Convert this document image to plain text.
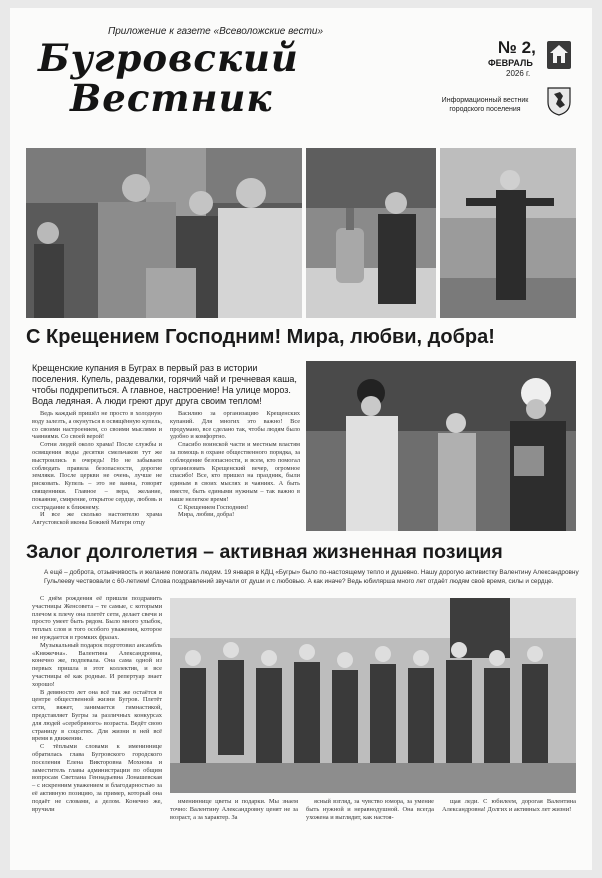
Приложение к газете «Всеволожские вести»
Бугровский
Вестник
№ 2,
ФЕВРАЛЬ
2026 г.
Информационный вестник городского поселения
С Крещением Господним! Мира, любви, добра!
Крещенские купания в Буграх в первый раз в истории поселения. Купель, раздевалки, горячий чай и гречневая каша, чтобы подкрепиться. А главное, настроение! На улице мороз. Вода ледяная. А люди греют друг друга своим теплом!

Ведь каждый пришёл не просто в холодную воду залезть, а окунуться в освящённую купель, со своими настроением, со своими мыслями и чаяниями. Со своей верой!

Сотни людей около храма! После службы и освящения воды десятки смельчаков тут же выстроились в очередь! Но не забываем соблюдать правила безопасности, дорогие земляки. После церкви не очень, лучше не рисковать. Купель – это не ванна, говорят священники. Главное – вера, желание, покаяние, смирение, открытое сердце, любовь и сострадание к ближнему.

И все же сколько настоятелю храма Августовской иконы Божией Матери отцу

Василию за организацию Крещенских купаний. Для многих это важно! Все продумано, все сделано так, чтобы людям было удобно и комфортно.

Спасибо воинской части и местным властям за помощь в охране общественного порядка, за соблюдение безопасности, и всем, кто помогал организовать Крещенский вечер, огромное спасибо! Все, кто пришел на праздник, были единым в своих мыслях и чаяниях. А быть вместе, быть едиными нужным – так важно в наше нелегкое время!

С Крещением Господним!

Мира, любви, добра!

Залог долголетия – активная жизненная позиция
А ещё – доброта, отзывчивость и желание помогать людям. 19 января в КДЦ «Бугры» было по-настоящему тепло и душевно. Нашу дорогую активистку Валентину Александровну Гульлееву чествовали с 60-летием! Слова поздравлений звучали от души и с любовью. А как иначе? Ведь юбилярша много лет отдаёт людям своё время, силы и сердце.

С днём рождения её пришли поздравить участницы Женсовета – те самые, с которыми плечом к плечу она плетёт сети, делает свечи и просто умеет быть рядом. Было много улыбок, теплых слов и того особого уважения, которое не нуждается в громких фразах.

Музыкальный подарок подготовил ансамбль «Княжечна». Валентина Александровна, конечно же, подпевала. Она сама одной из первых пришла в этот коллектив, и все участницы её как родные. И репертуар знает хорошо!

В девяносто лет она всё так же остаётся в центре общественной жизни Бугров. Плетёт сети, вяжет, занимается гимнастикой, представляет Бугры за различных конкурсах для людей «серебряного» возраста. Ведёт свою страницу в соцсетях. Для жизни в ней всё время в движении.

С тёплыми словами к имениннице обратилась глава Бугровского городского поселения Елена Викторовна Мохнова и заместитель главы администрации по общим вопросам Светлана Геннадьевна Лонашевская – с искренним уважением и благодарностью за её активную позицию, за пример, который она подаёт не словами, а делом. Конечно же, вручили

имениннице цветы и подарки. Мы знаем точно: Валентину Александровну ценят не за возраст, а за характер. За

ясный взгляд, за чувство юмора, за умение быть нужной и неравнодушной. Она всегда ухожена и выглядит, как настоя-

щая леди. С юбилеем, дорогая Валентина Александровна! Долгих и активных лет жизни!
